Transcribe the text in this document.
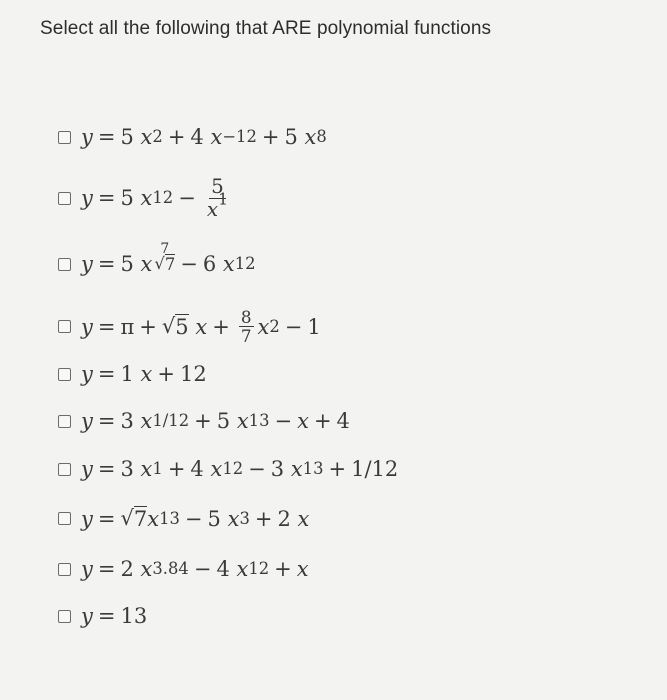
Select all the following that ARE polynomial functions
y = 5
x 2 + 4
x −12 + 5
x 8
y = 5
x $12 - \frac{5}{x^1}$
y = 5
x
7
√ 7 − 6
x 12
y = π + √ 5
$x + \frac{8}{7}$ x 2 − 1
y = 1
x + 12
y = 3
x 1/12 + 5
x 13 − x + 4
y = 3
x 1 + 4
x 12 − 3
x 13 + 1/12
y = √ 7 x 13 − 5
x 3 + 2
x
y = 2
x 3.84 − 4
x 12 + x
y = 13
